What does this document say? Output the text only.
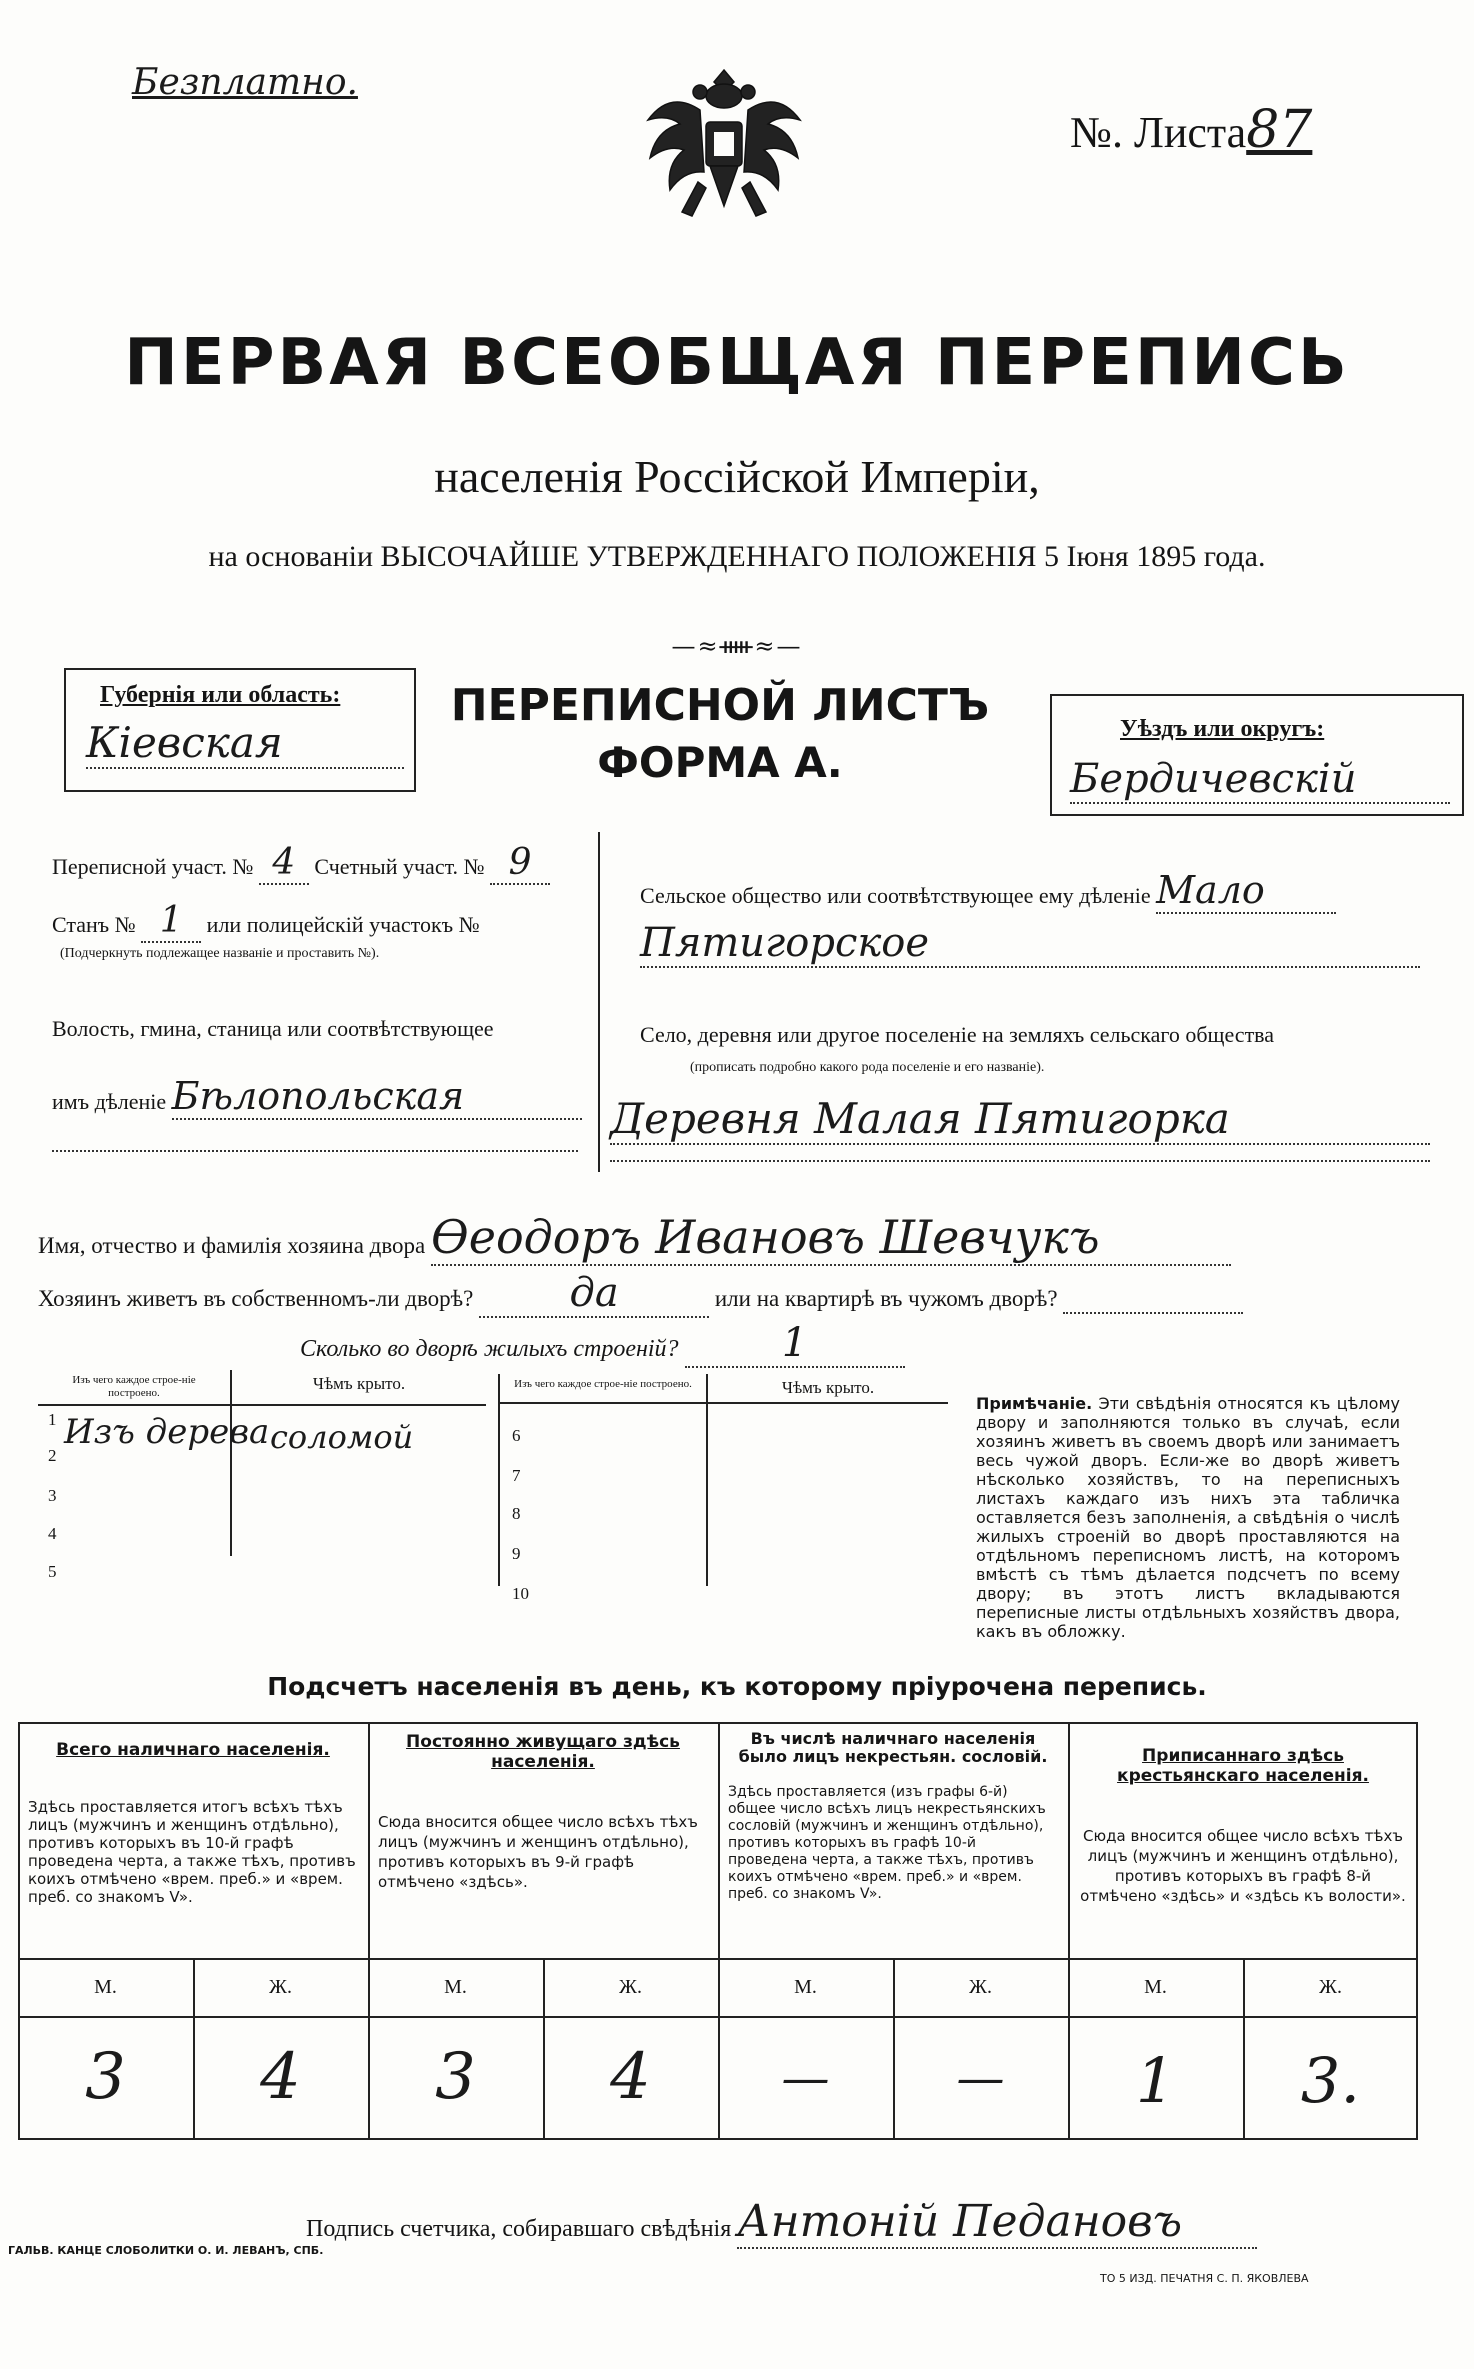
Безплатно.
№. Листа87
ПЕРВАЯ ВСЕОБЩАЯ ПЕРЕПИСЬ
населенія Россійской Имперіи,
на основаніи ВЫСОЧАЙШЕ УТВЕРЖДЕННАГО ПОЛОЖЕНІЯ 5 Іюня 1895 года.
—≈ᚔ≈—
Губернія или область:
Кіевская
ПЕРЕПИСНОЙ ЛИСТЪ
ФОРМА А.
Уѣздъ или округъ:
Бердичевскій
Переписной участ. № 4 Счетный участ. № 9
Станъ № 1 или полицейскій участокъ №
(Подчеркнуть подлежащее названіе и проставить №).
Волость, гмина, станица или соотвѣтствующее
имъ дѣленіе Бѣлопольская
Сельское общество или соотвѣтствующее ему дѣленіе Мало
Пятигорское
Село, деревня или другое поселеніе на земляхъ сельскаго общества
(прописать подробно какого рода поселеніе и его названіе).
Деревня Малая Пятигорка
Имя, отчество и фамилія хозяина двора Ѳеодоръ Ивановъ Шевчукъ
Хозяинъ живетъ въ собственномъ-ли дворѣ? да	или на квартирѣ въ чужомъ дворѣ?
Сколько во дворѣ жилыхъ строеній?	1
Изъ чего каждое строе-ніе построено.	Чѣмъ крыто.

1 Изъ дерева соломой
2
3
4
5
Изъ чего каждое строе-ніе построено.	Чѣмъ крыто.

6
7
8
9
10
Примѣчаніе. Эти свѣдѣнія относятся къ цѣлому двору и заполняются только въ случаѣ, если хозяинъ живетъ въ своемъ дворѣ или занимаетъ весь чужой дворъ. Если-же во дворѣ живетъ нѣсколько хозяйствъ, то на переписныхъ листахъ каждаго изъ нихъ эта табличка оставляется безъ заполненія, а свѣдѣнія о числѣ жилыхъ строеній во дворѣ проставляются на отдѣльномъ переписномъ листѣ, на которомъ вмѣстѣ съ тѣмъ дѣлается подсчетъ по всему двору; въ этотъ листъ вкладываются переписные листы отдѣльныхъ хозяйствъ двора, какъ въ обложку.
Подсчетъ населенія въ день, къ которому пріурочена перепись.
Всего наличнаго населенія.
Здѣсь проставляется итогъ всѣхъ тѣхъ лицъ (мужчинъ и женщинъ отдѣльно), противъ которыхъ въ 10-й графѣ проведена черта, а также тѣхъ, противъ коихъ отмѣчено «врем. преб.» и «врем. преб. со знакомъ V».
М.	Ж.
3	4
Постоянно живущаго здѣсь населенія.
Сюда вносится общее число всѣхъ тѣхъ лицъ (мужчинъ и женщинъ отдѣльно), противъ которыхъ въ 9-й графѣ отмѣчено «здѣсь».
М.	Ж.
3	4
Въ числѣ наличнаго населенія было лицъ некрестьян. сословій.
Здѣсь проставляется (изъ графы 6-й) общее число всѣхъ лицъ некрестьянскихъ сословій (мужчинъ и женщинъ отдѣльно), противъ которыхъ въ графѣ 10-й проведена черта, а также тѣхъ, противъ коихъ отмѣчено «врем. преб.» и «врем. преб. со знакомъ V».
М.	Ж.
—	—
Приписаннаго здѣсь крестьянскаго населенія.
Сюда вносится общее число всѣхъ тѣхъ лицъ (мужчинъ и женщинъ отдѣльно), противъ которыхъ въ графѣ 8-й отмѣчено «здѣсь» и «здѣсь къ волости».
М.	Ж.
1	3.
Подпись счетчика, собиравшаго свѣдѣнія Антоній Педановъ
ГАЛЬВ. КАНЦЕ СЛОБОЛИТКИ О. И. ЛЕВАНЪ, СПБ.
ТО 5 ИЗД. ПЕЧАТНЯ С. П. ЯКОВЛЕВА
